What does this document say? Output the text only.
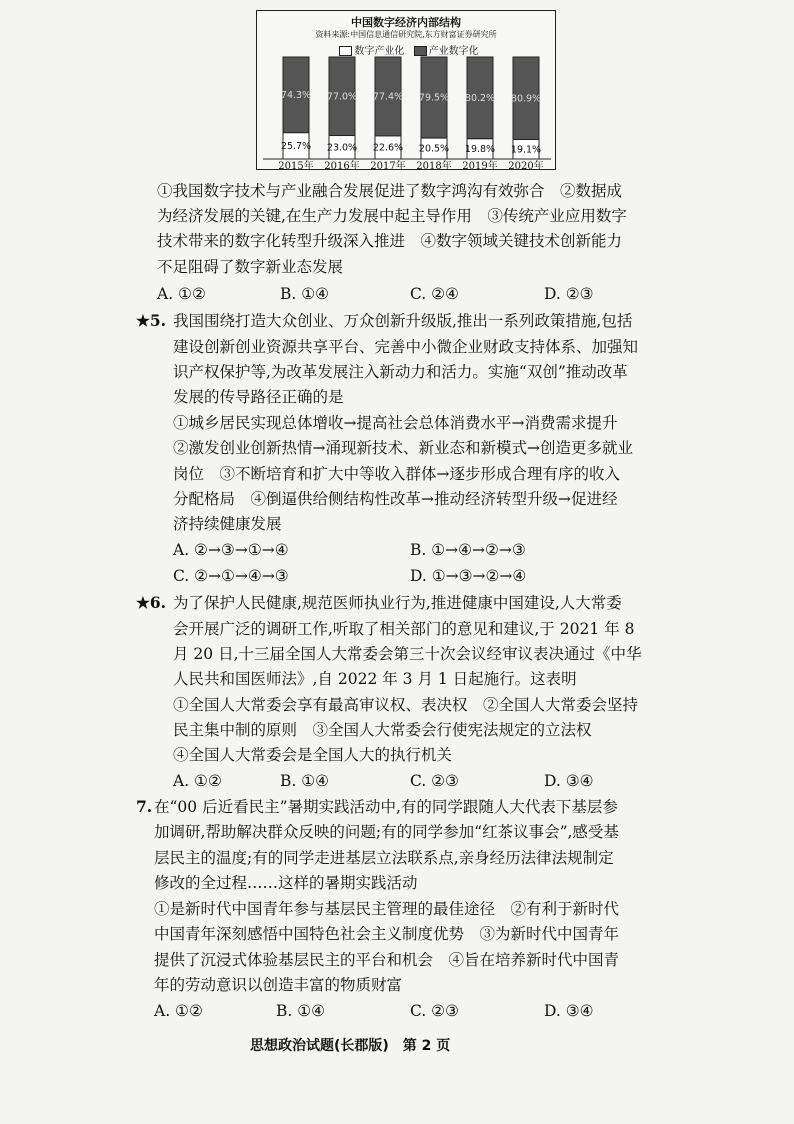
中国数字经济内部结构
资料来源:中国信息通信研究院,东方财富证券研究所
数字产业化 产业数字化
74.3%
25.7%
2015年
77.0%
23.0%
2016年
77.4%
22.6%
2017年
79.5%
20.5%
2018年
80.2%
19.8%
2019年
80.9%
19.1%
2020年
①我国数字技术与产业融合发展促进了数字鸿沟有效弥合　②数据成
为经济发展的关键,在生产力发展中起主导作用　③传统产业应用数字
技术带来的数字化转型升级深入推进　④数字领域关键技术创新能力
不足阻碍了数字新业态发展
A. ①②	B. ①④	C. ②④	D. ②③
★5. 我国围绕打造大众创业、万众创新升级版,推出一系列政策措施,包括
建设创新创业资源共享平台、完善中小微企业财政支持体系、加强知
识产权保护等,为改革发展注入新动力和活力。实施“双创”推动改革
发展的传导路径正确的是
①城乡居民实现总体增收→提高社会总体消费水平→消费需求提升
②激发创业创新热情→涌现新技术、新业态和新模式→创造更多就业
岗位　③不断培育和扩大中等收入群体→逐步形成合理有序的收入
分配格局　④倒逼供给侧结构性改革→推动经济转型升级→促进经
济持续健康发展
A. ②→③→①→④	B. ①→④→②→③
C. ②→①→④→③	D. ①→③→②→④
★6. 为了保护人民健康,规范医师执业行为,推进健康中国建设,人大常委
会开展广泛的调研工作,听取了相关部门的意见和建议,于 2021 年 8
月 20 日,十三届全国人大常委会第三十次会议经审议表决通过《中华
人民共和国医师法》,自 2022 年 3 月 1 日起施行。这表明
①全国人大常委会享有最高审议权、表决权　②全国人大常委会坚持
民主集中制的原则　③全国人大常委会行使宪法规定的立法权
④全国人大常委会是全国人大的执行机关
A. ①②	B. ①④	C. ②③	D. ③④
7. 在“00 后近看民主”暑期实践活动中,有的同学跟随人大代表下基层参
加调研,帮助解决群众反映的问题;有的同学参加“红茶议事会”,感受基
层民主的温度;有的同学走进基层立法联系点,亲身经历法律法规制定
修改的全过程……这样的暑期实践活动
①是新时代中国青年参与基层民主管理的最佳途径　②有利于新时代
中国青年深刻感悟中国特色社会主义制度优势　③为新时代中国青年
提供了沉浸式体验基层民主的平台和机会　④旨在培养新时代中国青
年的劳动意识以创造丰富的物质财富
A. ①②	B. ①④	C. ②③	D. ③④
思想政治试题(长郡版)　第 2 页
